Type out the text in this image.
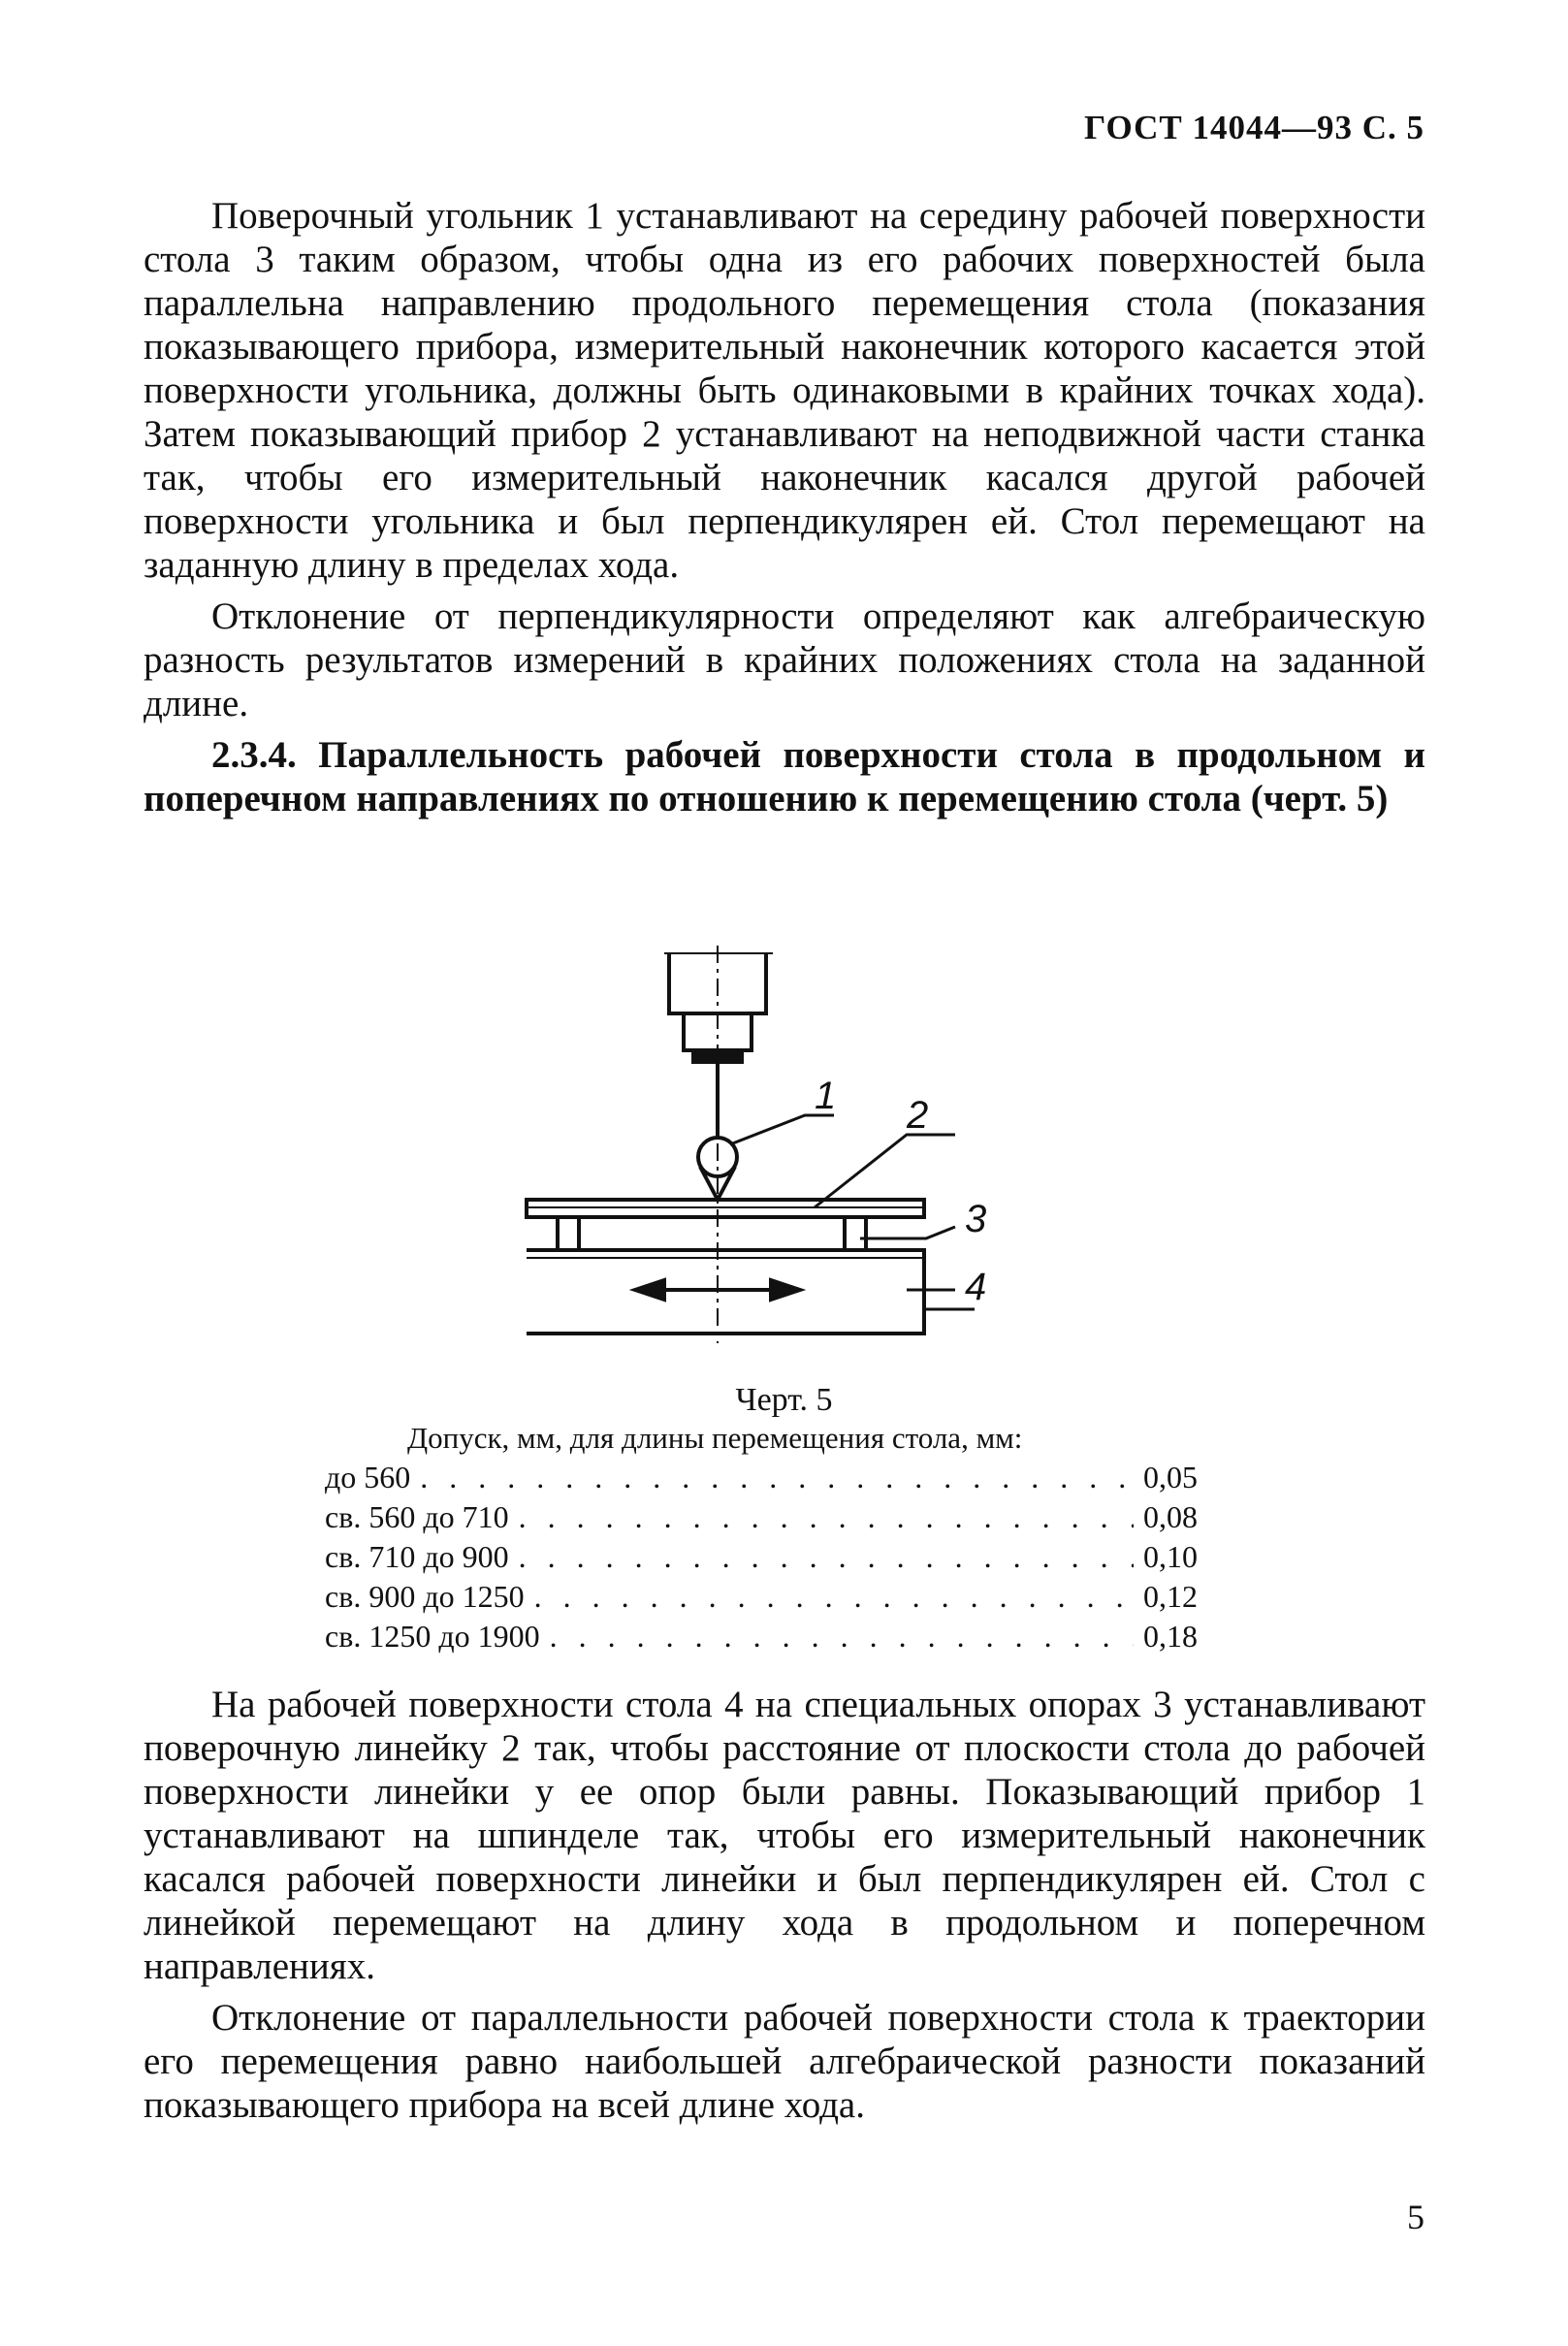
ГОСТ 14044—93 С. 5

Поверочный угольник 1 устанавливают на середину рабочей поверхности стола 3 таким образом, чтобы одна из его рабочих поверхностей была параллельна направлению продольного перемещения стола (показания показывающего прибора, измерительный наконечник которого касается этой поверхности угольника, должны быть одинаковыми в крайних точках хода). Затем показывающий прибор 2 устанавливают на неподвижной части станка так, чтобы его измерительный наконечник касался другой рабочей поверхности угольника и был перпендикулярен ей. Стол перемещают на заданную длину в пределах хода.

Отклонение от перпендикулярности определяют как алгебраическую разность результатов измерений в крайних положениях стола на заданной длине.

2.3.4. Параллельность рабочей поверхности стола в продольном и поперечном направлениях по отношению к перемещению стола (черт. 5)

1 2
3
4
Черт. 5
Допуск, мм, для длины перемещения стола, мм:
до 560 . . .	0,05
св. 560 до 710 . . .	0,08
св. 710 до 900 . . .	0,10
св. 900 до 1250 . . .	0,12
св. 1250 до 1900 . . .	0,18

На рабочей поверхности стола 4 на специальных опорах 3 устанавливают поверочную линейку 2 так, чтобы расстояние от плоскости стола до рабочей поверхности линейки у ее опор были равны. Показывающий прибор 1 устанавливают на шпинделе так, чтобы его измерительный наконечник касался рабочей поверхности линейки и был перпендикулярен ей. Стол с линейкой перемещают на длину хода в продольном и поперечном направлениях.

Отклонение от параллельности рабочей поверхности стола к траектории его перемещения равно наибольшей алгебраической разности показаний показывающего прибора на всей длине хода.

5
